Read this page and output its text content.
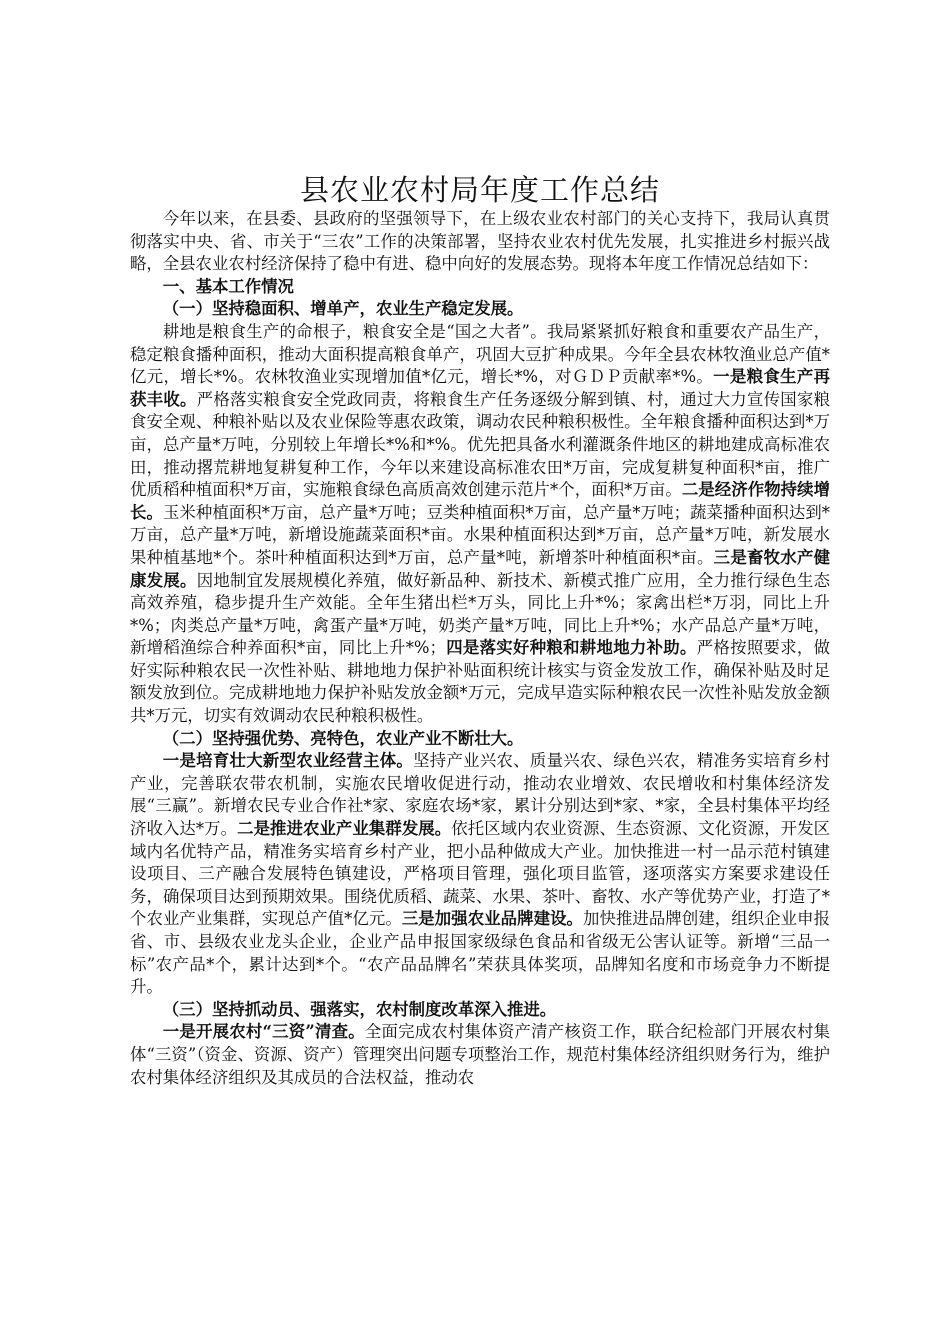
县农业农村局年度工作总结

今年以来，在县委、县政府的坚强领导下，在上级农业农村部门的关心支持下，我局认真贯彻落实中央、省、市关于“三农”工作的决策部署，坚持农业农村优先发展，扎实推进乡村振兴战略，全县农业农村经济保持了稳中有进、稳中向好的发展态势。现将本年度工作情况总结如下：

一、基本工作情况

（一）坚持稳面积、增单产，农业生产稳定发展。

耕地是粮食生产的命根子，粮食安全是“国之大者”。我局紧紧抓好粮食和重要农产品生产，稳定粮食播种面积，推动大面积提高粮食单产，巩固大豆扩种成果。今年全县农林牧渔业总产值*亿元，增长*%。农林牧渔业实现增加值*亿元，增长*%，对ＧＤＰ贡献率*%。一是粮食生产再获丰收。严格落实粮食安全党政同责，将粮食生产任务逐级分解到镇、村，通过大力宣传国家粮食安全观、种粮补贴以及农业保险等惠农政策，调动农民种粮积极性。全年粮食播种面积达到*万亩，总产量*万吨，分别较上年增长*%和*%。优先把具备水利灌溉条件地区的耕地建成高标准农田，推动撂荒耕地复耕复种工作，今年以来建设高标准农田*万亩，完成复耕复种面积*亩，推广优质稻种植面积*万亩，实施粮食绿色高质高效创建示范片*个，面积*万亩。二是经济作物持续增长。玉米种植面积*万亩，总产量*万吨；豆类种植面积*万亩，总产量*万吨；蔬菜播种面积达到*万亩，总产量*万吨，新增设施蔬菜面积*亩。水果种植面积达到*万亩，总产量*万吨，新发展水果种植基地*个。茶叶种植面积达到*万亩，总产量*吨，新增茶叶种植面积*亩。三是畜牧水产健康发展。因地制宜发展规模化养殖，做好新品种、新技术、新模式推广应用，全力推行绿色生态高效养殖，稳步提升生产效能。全年生猪出栏*万头，同比上升*%；家禽出栏*万羽，同比上升*%；肉类总产量*万吨，禽蛋产量*万吨，奶类产量*万吨，同比上升*%；水产品总产量*万吨，新增稻渔综合种养面积*亩，同比上升*%；四是落实好种粮和耕地地力补助。严格按照要求，做好实际种粮农民一次性补贴、耕地地力保护补贴面积统计核实与资金发放工作，确保补贴及时足额发放到位。完成耕地地力保护补贴发放金额*万元，完成早造实际种粮农民一次性补贴发放金额共*万元，切实有效调动农民种粮积极性。

（二）坚持强优势、亮特色，农业产业不断壮大。

一是培育壮大新型农业经营主体。坚持产业兴农、质量兴农、绿色兴农，精准务实培育乡村产业，完善联农带农机制，实施农民增收促进行动，推动农业增效、农民增收和村集体经济发展“三赢”。新增农民专业合作社*家、家庭农场*家，累计分别达到*家、*家，全县村集体平均经济收入达*万。二是推进农业产业集群发展。依托区域内农业资源、生态资源、文化资源，开发区域内名优特产品，精准务实培育乡村产业，把小品种做成大产业。加快推进一村一品示范村镇建设项目、三产融合发展特色镇建设，严格项目管理，强化项目监管，逐项落实方案要求建设任务，确保项目达到预期效果。围绕优质稻、蔬菜、水果、茶叶、畜牧、水产等优势产业，打造了*个农业产业集群，实现总产值*亿元。三是加强农业品牌建设。加快推进品牌创建，组织企业申报省、市、县级农业龙头企业，企业产品申报国家级绿色食品和省级无公害认证等。新增“三品一标”农产品*个，累计达到*个。“农产品品牌名”荣获具体奖项，品牌知名度和市场竞争力不断提升。

（三）坚持抓动员、强落实，农村制度改革深入推进。

一是开展农村“三资”清查。全面完成农村集体资产清产核资工作，联合纪检部门开展农村集体“三资”（资金、资源、资产）管理突出问题专项整治工作，规范村集体经济组织财务行为，维护农村集体经济组织及其成员的合法权益，推动农
